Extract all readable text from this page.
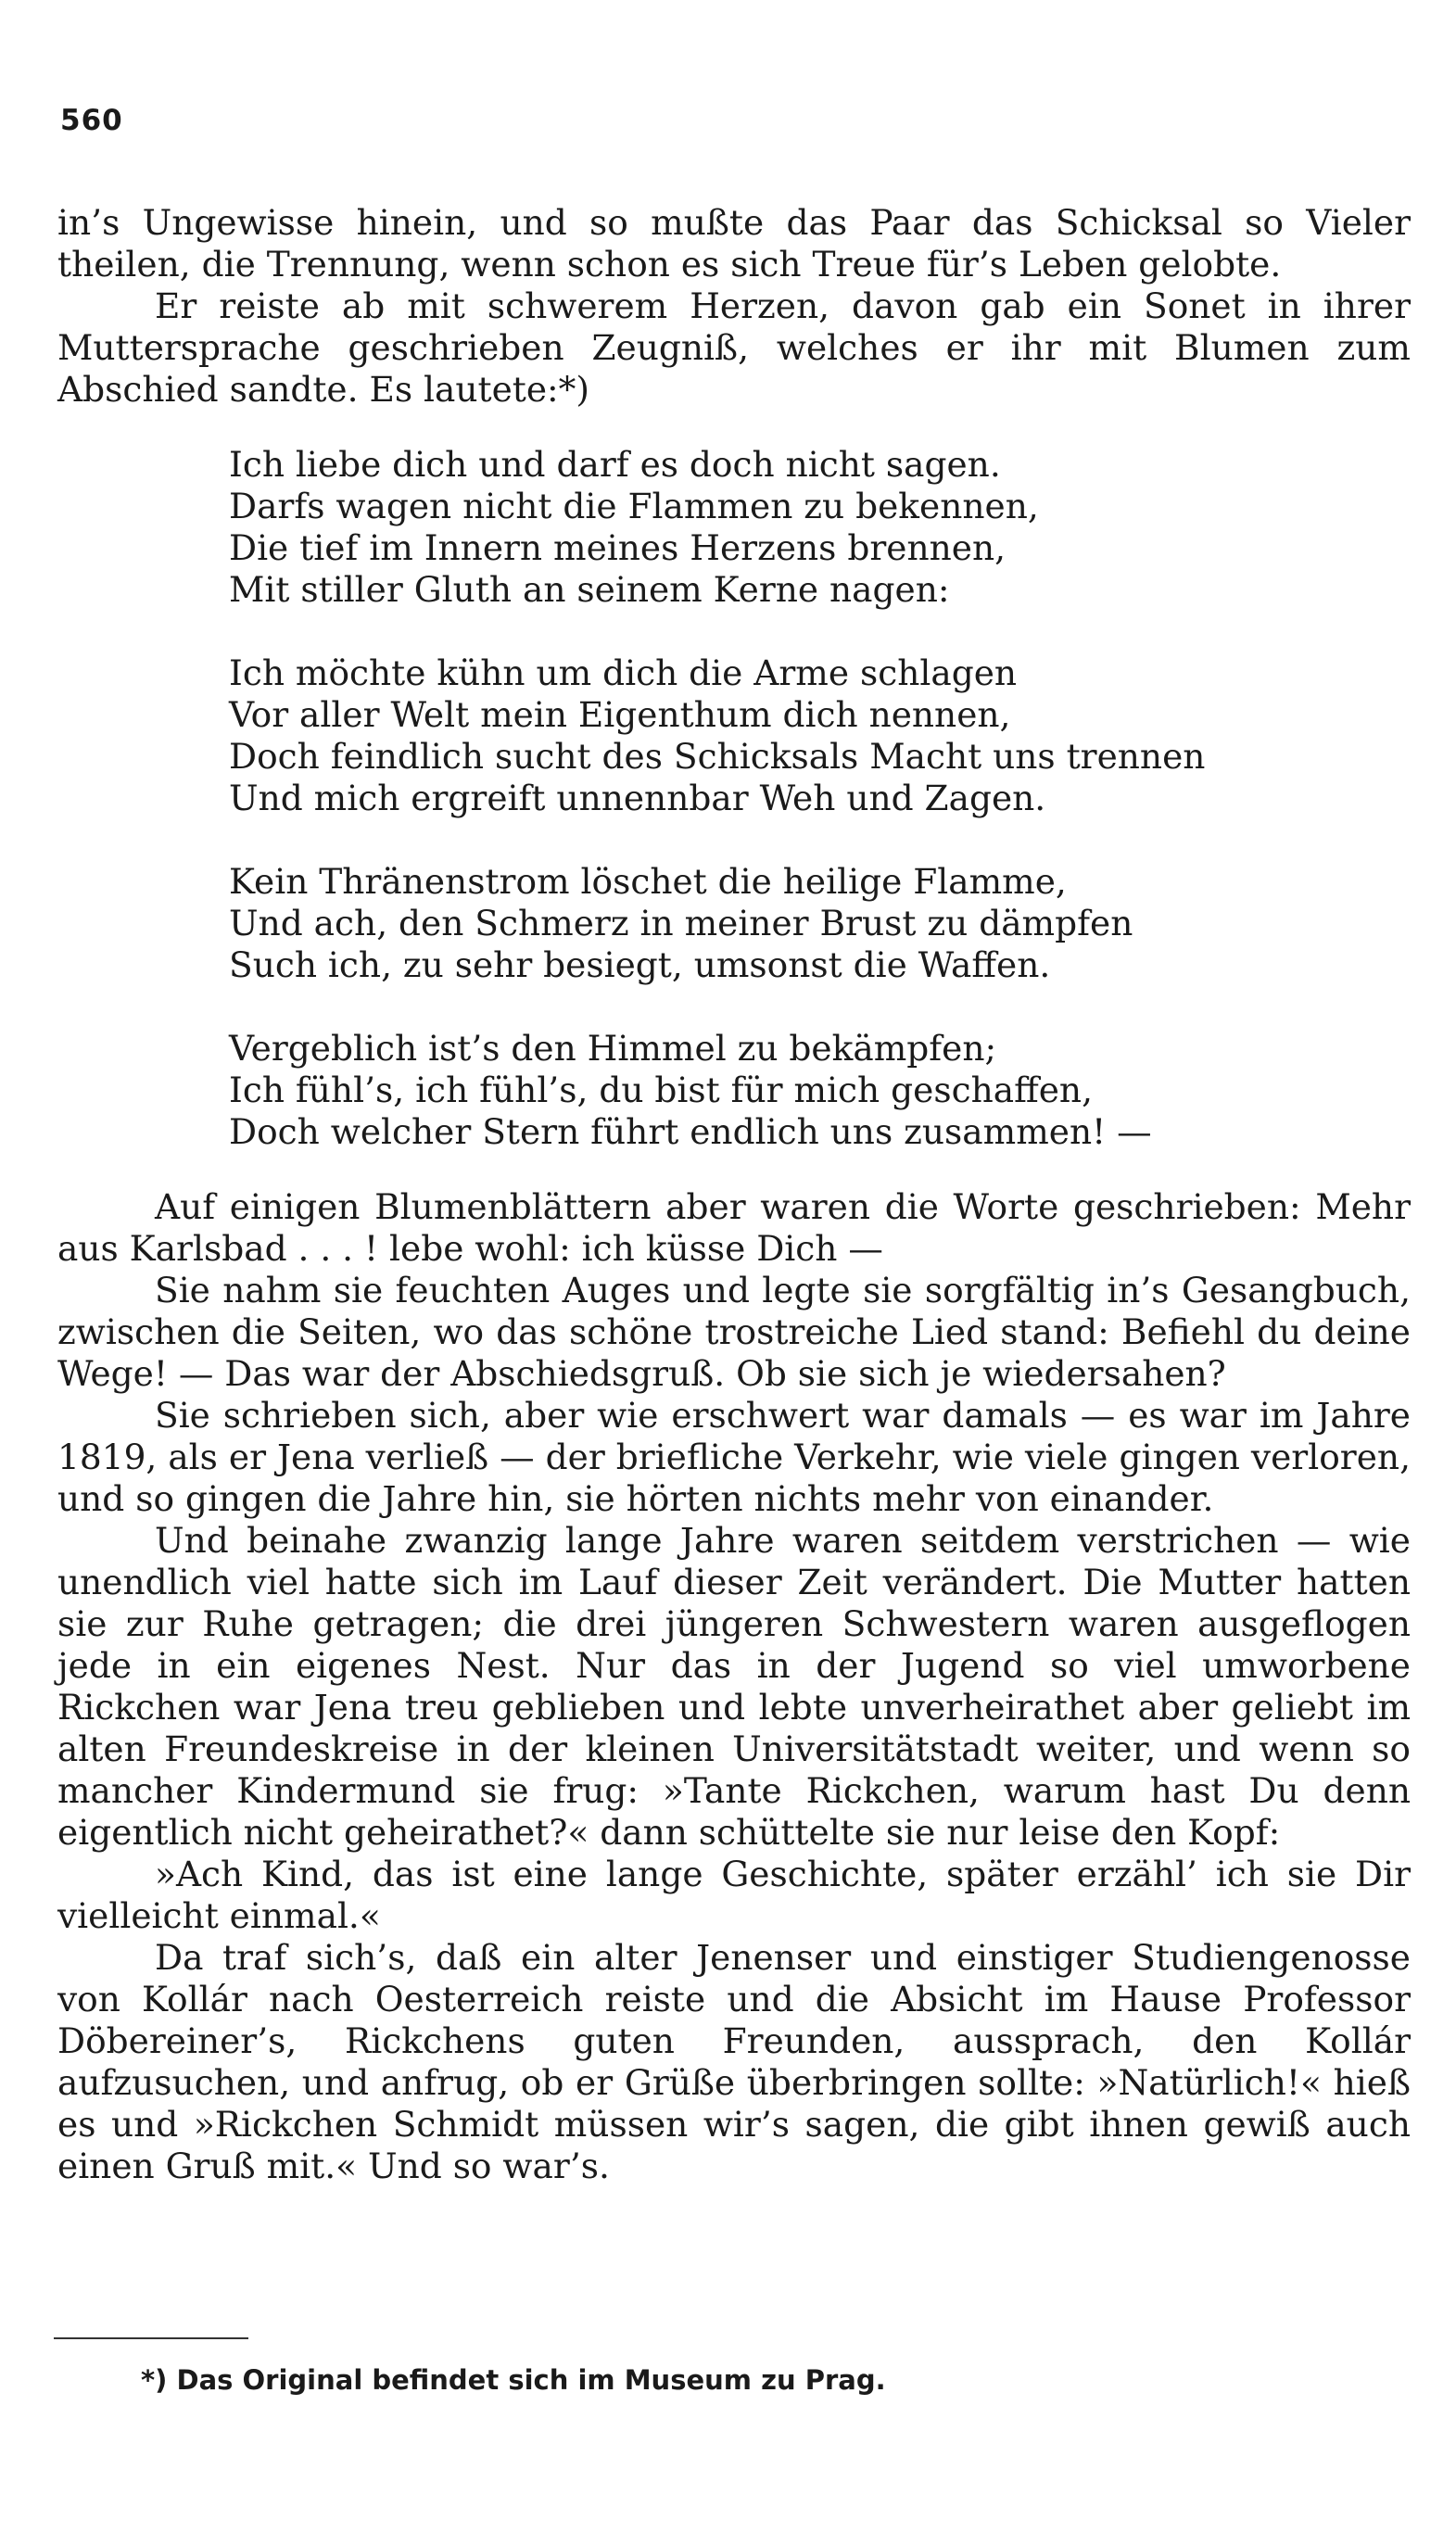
560

in’s Ungewisse hinein, und so mußte das Paar das Schicksal so Vieler theilen, die Trennung, wenn schon es sich Treue für’s Leben gelobte.

Er reiste ab mit schwerem Herzen, davon gab ein Sonet in ihrer Muttersprache geschrieben Zeugniß, welches er ihr mit Blumen zum Abschied sandte. Es lautete:*)

Ich liebe dich und darf es doch nicht sagen.
Darfs wagen nicht die Flammen zu bekennen,
Die tief im Innern meines Herzens brennen,
Mit stiller Gluth an seinem Kerne nagen:
Ich möchte kühn um dich die Arme schlagen
Vor aller Welt mein Eigenthum dich nennen,
Doch feindlich sucht des Schicksals Macht uns trennen
Und mich ergreift unnennbar Weh und Zagen.
Kein Thränenstrom löschet die heilige Flamme,
Und ach, den Schmerz in meiner Brust zu dämpfen
Such ich, zu sehr besiegt, umsonst die Waffen.
Vergeblich ist’s den Himmel zu bekämpfen;
Ich fühl’s, ich fühl’s, du bist für mich geschaffen,
Doch welcher Stern führt endlich uns zusammen! —

Auf einigen Blumenblättern aber waren die Worte geschrieben: Mehr aus Karlsbad . . . ! lebe wohl: ich küsse Dich —

Sie nahm sie feuchten Auges und legte sie sorgfältig in’s Gesangbuch, zwischen die Seiten, wo das schöne trostreiche Lied stand: Befiehl du deine Wege! — Das war der Abschiedsgruß. Ob sie sich je wiedersahen?

Sie schrieben sich, aber wie erschwert war damals — es war im Jahre 1819, als er Jena verließ — der briefliche Verkehr, wie viele gingen verloren, und so gingen die Jahre hin, sie hörten nichts mehr von einander.

Und beinahe zwanzig lange Jahre waren seitdem verstrichen — wie unendlich viel hatte sich im Lauf dieser Zeit verändert. Die Mutter hatten sie zur Ruhe getragen; die drei jüngeren Schwestern waren ausgeflogen jede in ein eigenes Nest. Nur das in der Jugend so viel umworbene Rickchen war Jena treu geblieben und lebte unverheirathet aber geliebt im alten Freundeskreise in der kleinen Universitätstadt weiter, und wenn so mancher Kindermund sie frug: »Tante Rickchen, warum hast Du denn eigentlich nicht geheirathet?« dann schüttelte sie nur leise den Kopf:

»Ach Kind, das ist eine lange Geschichte, später erzähl’ ich sie Dir vielleicht einmal.«

Da traf sich’s, daß ein alter Jenenser und einstiger Studiengenosse von Kollár nach Oesterreich reiste und die Absicht im Hause Professor Döbereiner’s, Rickchens guten Freunden, aussprach, den Kollár aufzusuchen, und anfrug, ob er Grüße überbringen sollte: »Natürlich!« hieß es und »Rickchen Schmidt müssen wir’s sagen, die gibt ihnen gewiß auch einen Gruß mit.« Und so war’s.

*) Das Original befindet sich im Museum zu Prag.
